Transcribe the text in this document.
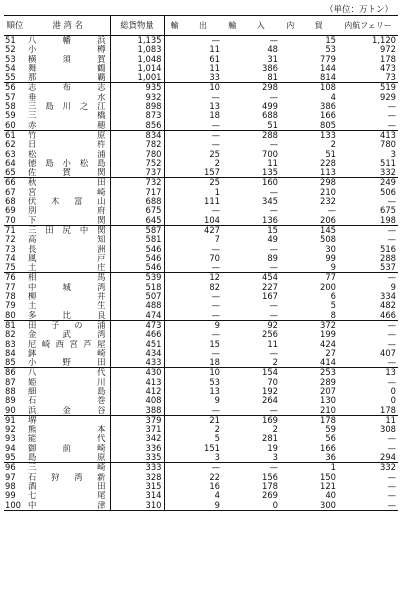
（単位：万トン）
順位	港 湾 名	総貨物量	輸 出	輸 入	内 貿	内航フェリー
51	八幡浜	1,135	—	—	15	1,120
52	小樽	1,083	11	48	53	972
53	横須賀	1,048	61	31	779	178
54	舞鶴	1,014	11	386	144	473
55	那覇	1,001	33	81	814	73
56	志布志	935	10	298	108	519
57	垂水	932	—	—	4	929
58	三島川之江	898	13	499	386	—
59	三橋	873	18	688	166	—
60	赤穂	856	—	51	805	—
61	竹原	834	—	288	133	413
62	日杵	782	—	—	2	780
63	松浦	780	25	700	51	3
64	徳島小松島	752	2	11	228	511
65	佐賀関	737	157	135	113	332
66	秋田	732	25	160	298	249
67	宮崎	717	1	—	210	506
68	伏木富山	688	111	345	232	—
69	別府	675	—	—	—	675
70	下関	645	104	136	206	198
71	三田尻中関	587	427	15	145	—
72	高知	581	7	49	508	—
73	長洲	546	—	—	30	516
74	風戸	546	70	89	99	288
75	土庄	546	—	—	9	537
76	相馬	539	12	454	77	—
77	中城湾	518	82	227	200	9
78	柳井	507	—	167	6	334
79	土生	488	—	—	5	482
80	多比良	474	—	—	8	466
81	田子の浦	473	9	92	372	—
82	金武湾	466	—	256	199	—
83	尼崎西宮芦屋	451	15	11	424	—
84	鉢崎	434	—	—	27	407
85	小野田	433	18	2	414	—
86	八代	430	10	154	253	13
87	姫川	413	53	70	289	—
88	細島	412	13	192	207	0
89	石巻	408	9	264	130	0
90	浜金谷	388	—	—	210	178
91	堺	379	21	169	178	11
92	熊本	371	2	2	59	308
93	能代	342	5	281	56	—
94	御前崎	336	151	19	166	—
95	島原	335	3	3	36	294
96	三崎	333	—	—	1	332
97	石狩湾新	328	22	156	150	—
98	酒田	315	16	178	121	—
99	七尾	314	4	269	40	—
100	中津	310	9	0	300	—
